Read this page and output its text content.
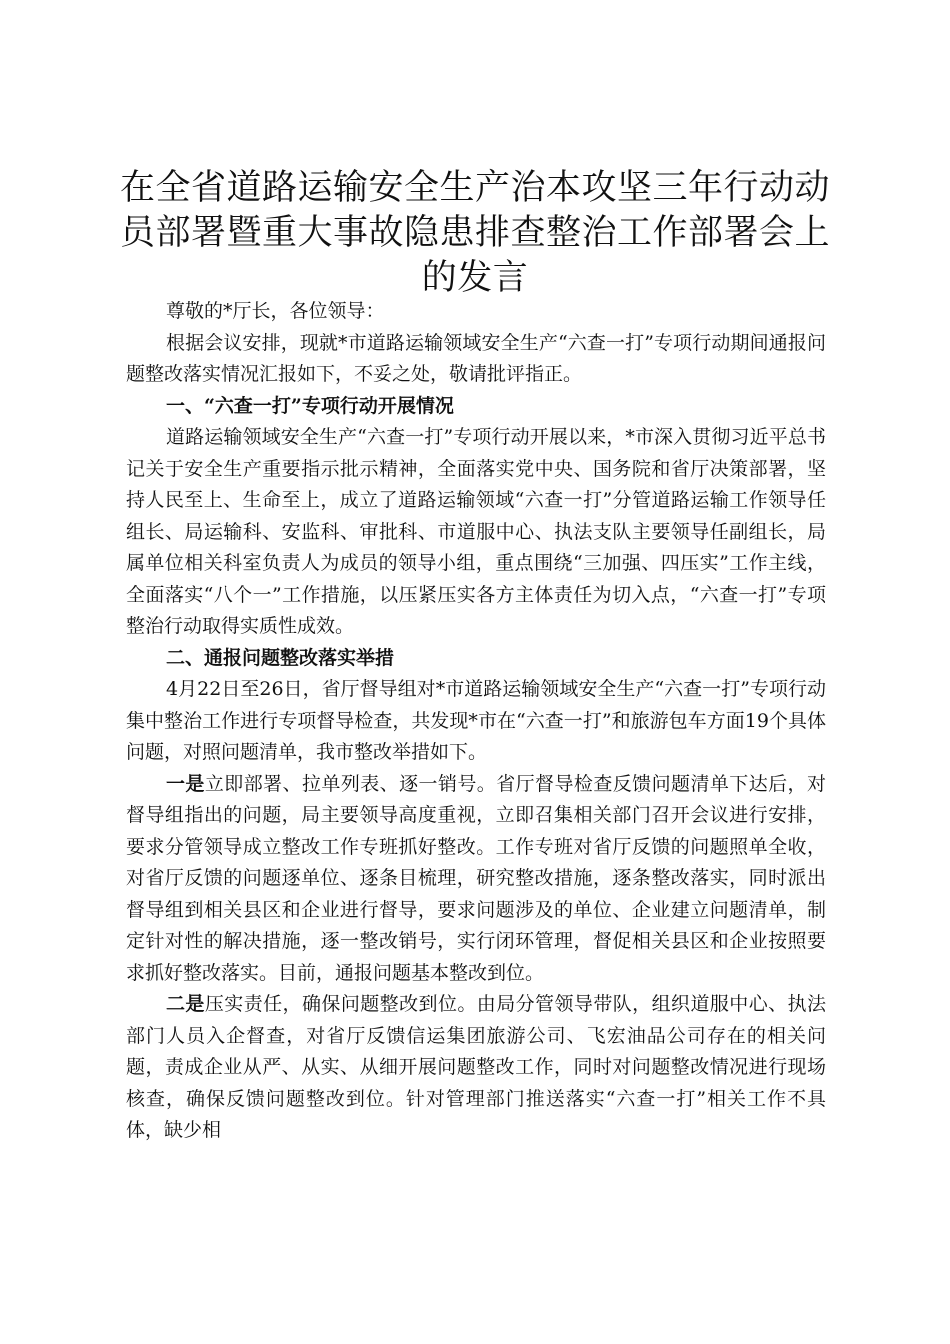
在全省道路运输安全生产治本攻坚三年行动动员部署暨重大事故隐患排查整治工作部署会上的发言

尊敬的*厅长，各位领导：

根据会议安排，现就*市道路运输领域安全生产“六查一打”专项行动期间通报问题整改落实情况汇报如下，不妥之处，敬请批评指正。

一、“六查一打”专项行动开展情况

道路运输领域安全生产“六查一打”专项行动开展以来，*市深入贯彻习近平总书记关于安全生产重要指示批示精神，全面落实党中央、国务院和省厅决策部署，坚持人民至上、生命至上，成立了道路运输领域“六查一打”分管道路运输工作领导任组长、局运输科、安监科、审批科、市道服中心、执法支队主要领导任副组长，局属单位相关科室负责人为成员的领导小组，重点围绕“三加强、四压实”工作主线，全面落实“八个一”工作措施，以压紧压实各方主体责任为切入点，“六查一打”专项整治行动取得实质性成效。

二、通报问题整改落实举措

4月22日至26日，省厅督导组对*市道路运输领域安全生产“六查一打”专项行动集中整治工作进行专项督导检查，共发现*市在“六查一打”和旅游包车方面19个具体问题，对照问题清单，我市整改举措如下。

一是立即部署、拉单列表、逐一销号。省厅督导检查反馈问题清单下达后，对督导组指出的问题，局主要领导高度重视，立即召集相关部门召开会议进行安排，要求分管领导成立整改工作专班抓好整改。工作专班对省厅反馈的问题照单全收，对省厅反馈的问题逐单位、逐条目梳理，研究整改措施，逐条整改落实，同时派出督导组到相关县区和企业进行督导，要求问题涉及的单位、企业建立问题清单，制定针对性的解决措施，逐一整改销号，实行闭环管理，督促相关县区和企业按照要求抓好整改落实。目前，通报问题基本整改到位。

二是压实责任，确保问题整改到位。由局分管领导带队，组织道服中心、执法部门人员入企督查，对省厅反馈信运集团旅游公司、飞宏油品公司存在的相关问题，责成企业从严、从实、从细开展问题整改工作，同时对问题整改情况进行现场核查，确保反馈问题整改到位。针对管理部门推送落实“六查一打”相关工作不具体，缺少相
